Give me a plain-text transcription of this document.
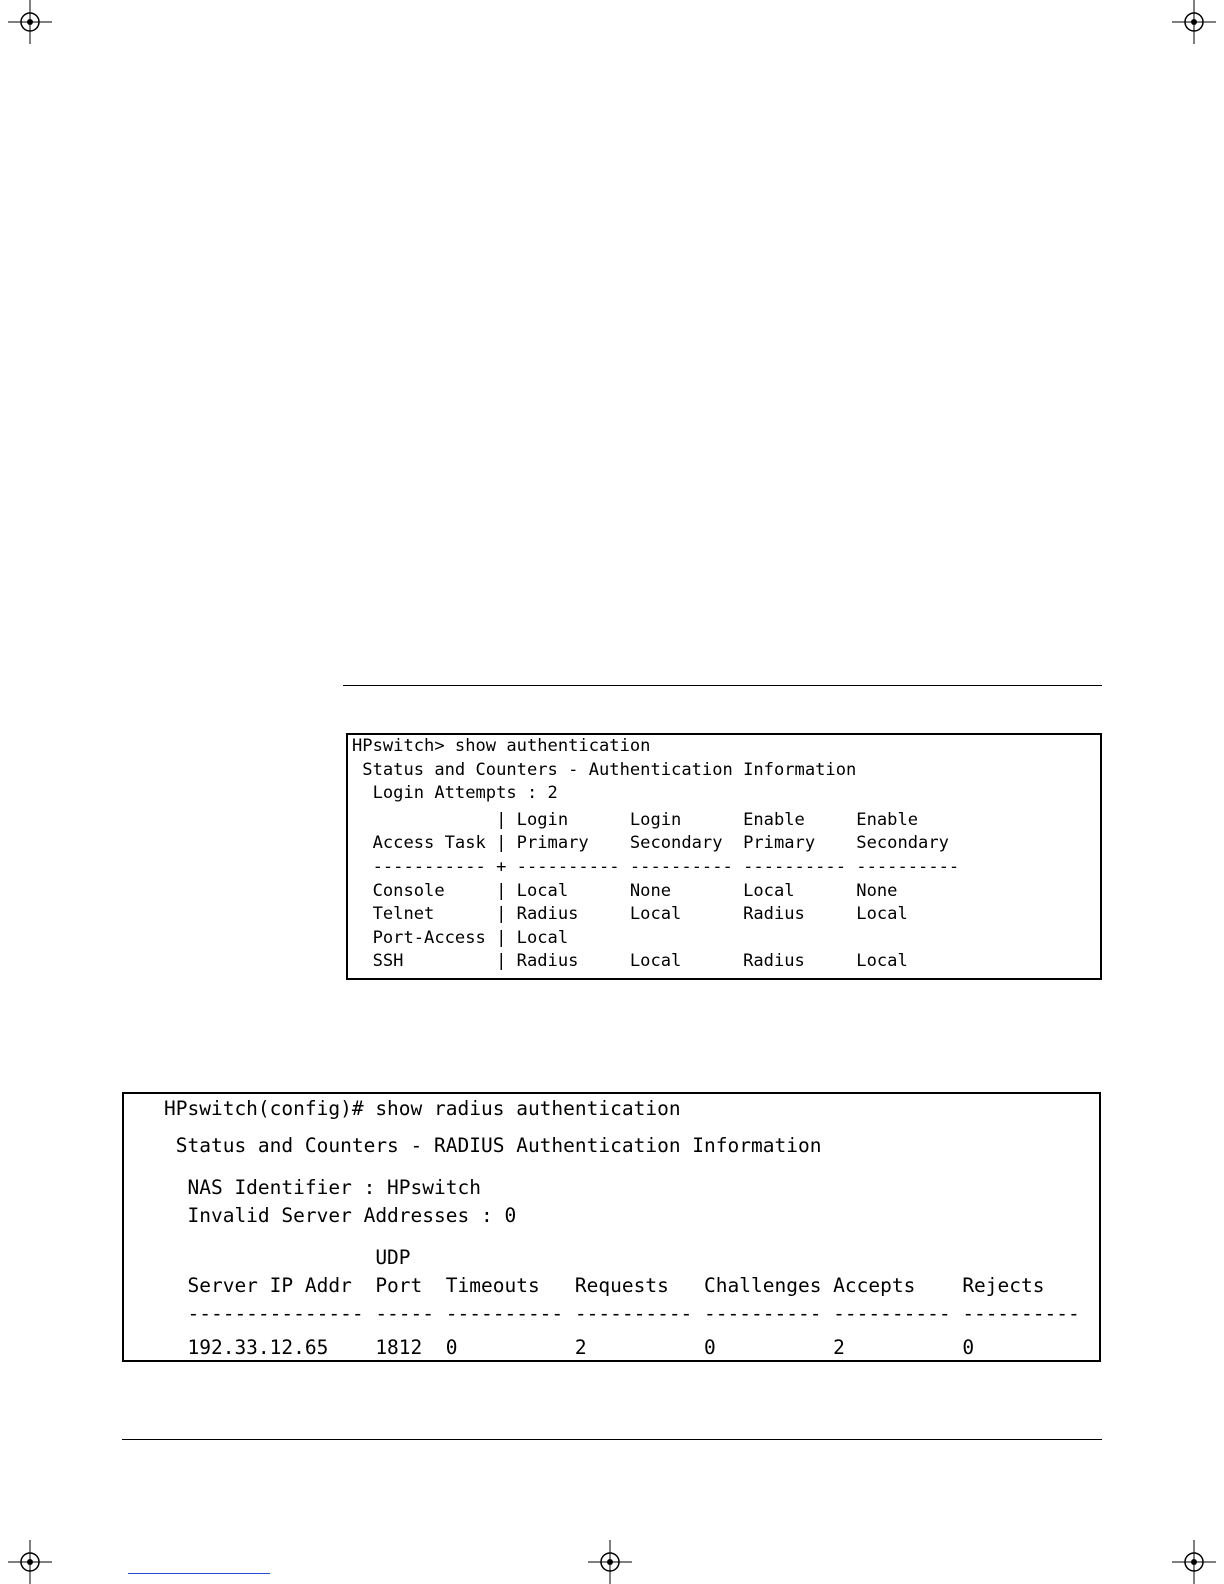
HPswitch> show authentication
Status and Counters - Authentication Information
Login Attempts : 2
| Login      Login      Enable     Enable
Access Task | Primary    Secondary  Primary    Secondary
----------- + ---------- ---------- ---------- ----------
Console     | Local      None       Local      None
Telnet      | Radius     Local      Radius     Local
Port-Access | Local
SSH         | Radius     Local      Radius     Local
HPswitch(config)# show radius authentication
Status and Counters - RADIUS Authentication Information
NAS Identifier : HPswitch
Invalid Server Addresses : 0
UDP
Server IP Addr  Port  Timeouts   Requests   Challenges Accepts    Rejects
--------------- ----- ---------- ---------- ---------- ---------- ----------
192.33.12.65    1812  0          2          0          2          0
